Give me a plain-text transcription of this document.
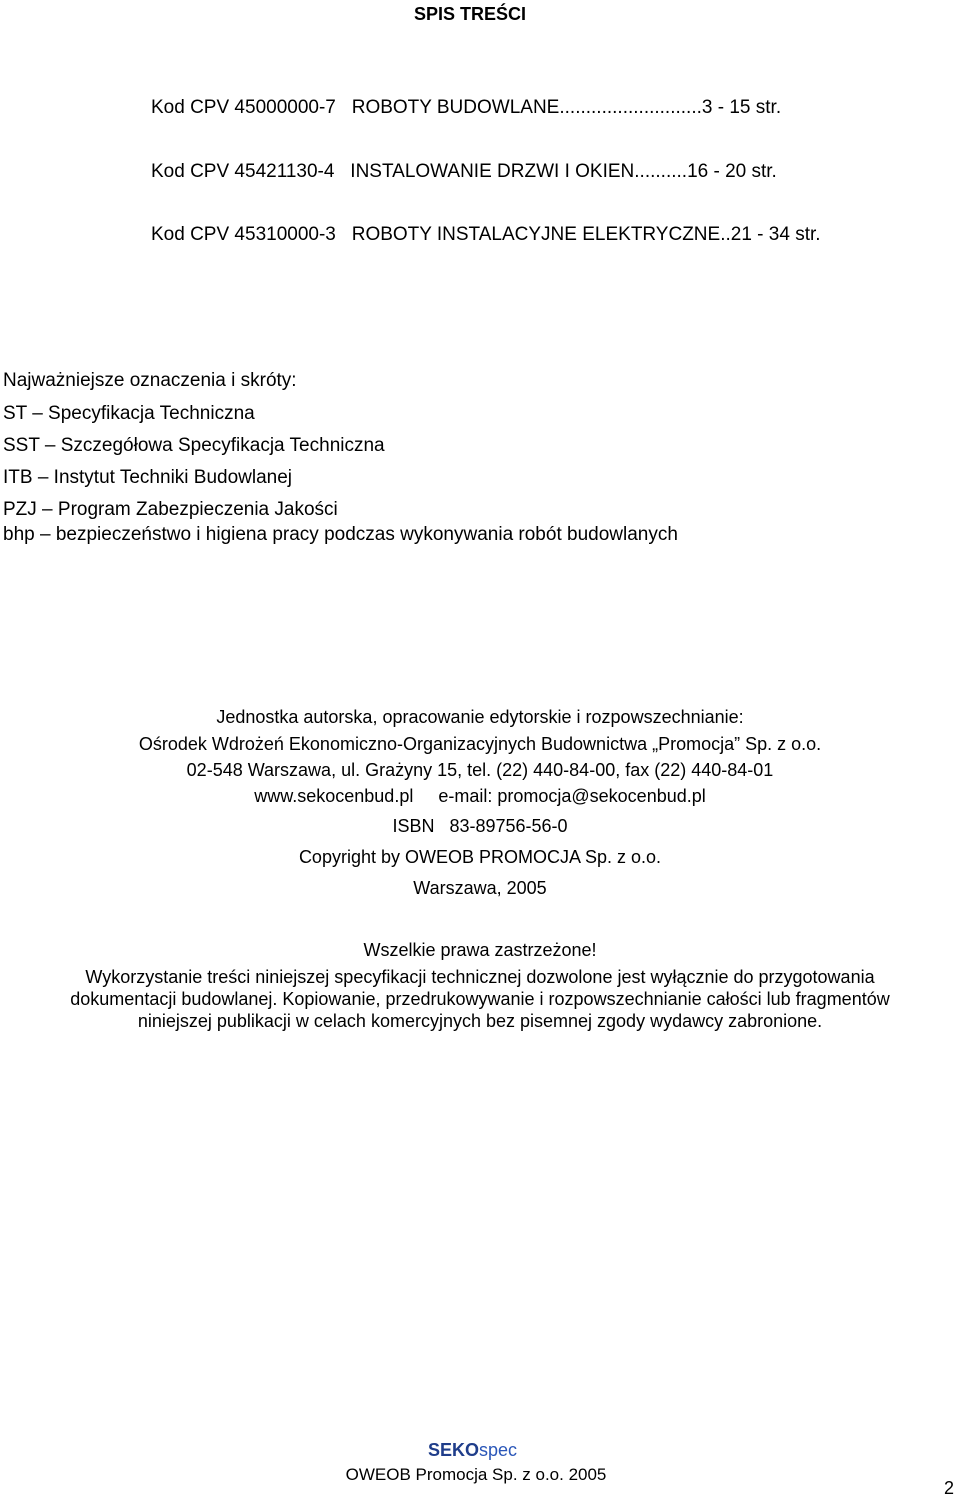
SPIS TREŚCI
Kod CPV 45000000-7 ROBOTY BUDOWLANE...........................3 - 15 str.
Kod CPV 45421130-4 INSTALOWANIE DRZWI I OKIEN..........16 - 20 str.
Kod CPV 45310000-3 ROBOTY INSTALACYJNE ELEKTRYCZNE..21 - 34 str.
Najważniejsze oznaczenia i skróty:
ST – Specyfikacja Techniczna
SST – Szczegółowa Specyfikacja Techniczna
ITB – Instytut Techniki Budowlanej
PZJ – Program Zabezpieczenia Jakości
bhp – bezpieczeństwo i higiena pracy podczas wykonywania robót budowlanych
Jednostka autorska, opracowanie edytorskie i rozpowszechnianie:
Ośrodek Wdrożeń Ekonomiczno-Organizacyjnych Budownictwa „Promocja” Sp. z o.o.
02-548 Warszawa, ul. Grażyny 15, tel. (22) 440-84-00, fax (22) 440-84-01
www.sekocenbud.pl e-mail: promocja@sekocenbud.pl
ISBN 83-89756-56-0
Copyright by OWEOB PROMOCJA Sp. z o.o.
Warszawa, 2005
Wszelkie prawa zastrzeżone!
Wykorzystanie treści niniejszej specyfikacji technicznej dozwolone jest wyłącznie do przygotowania
dokumentacji budowlanej. Kopiowanie, przedrukowywanie i rozpowszechnianie całości lub fragmentów
niniejszej publikacji w celach komercyjnych bez pisemnej zgody wydawcy zabronione.
SEKOspec
OWEOB Promocja Sp. z o.o. 2005
2
